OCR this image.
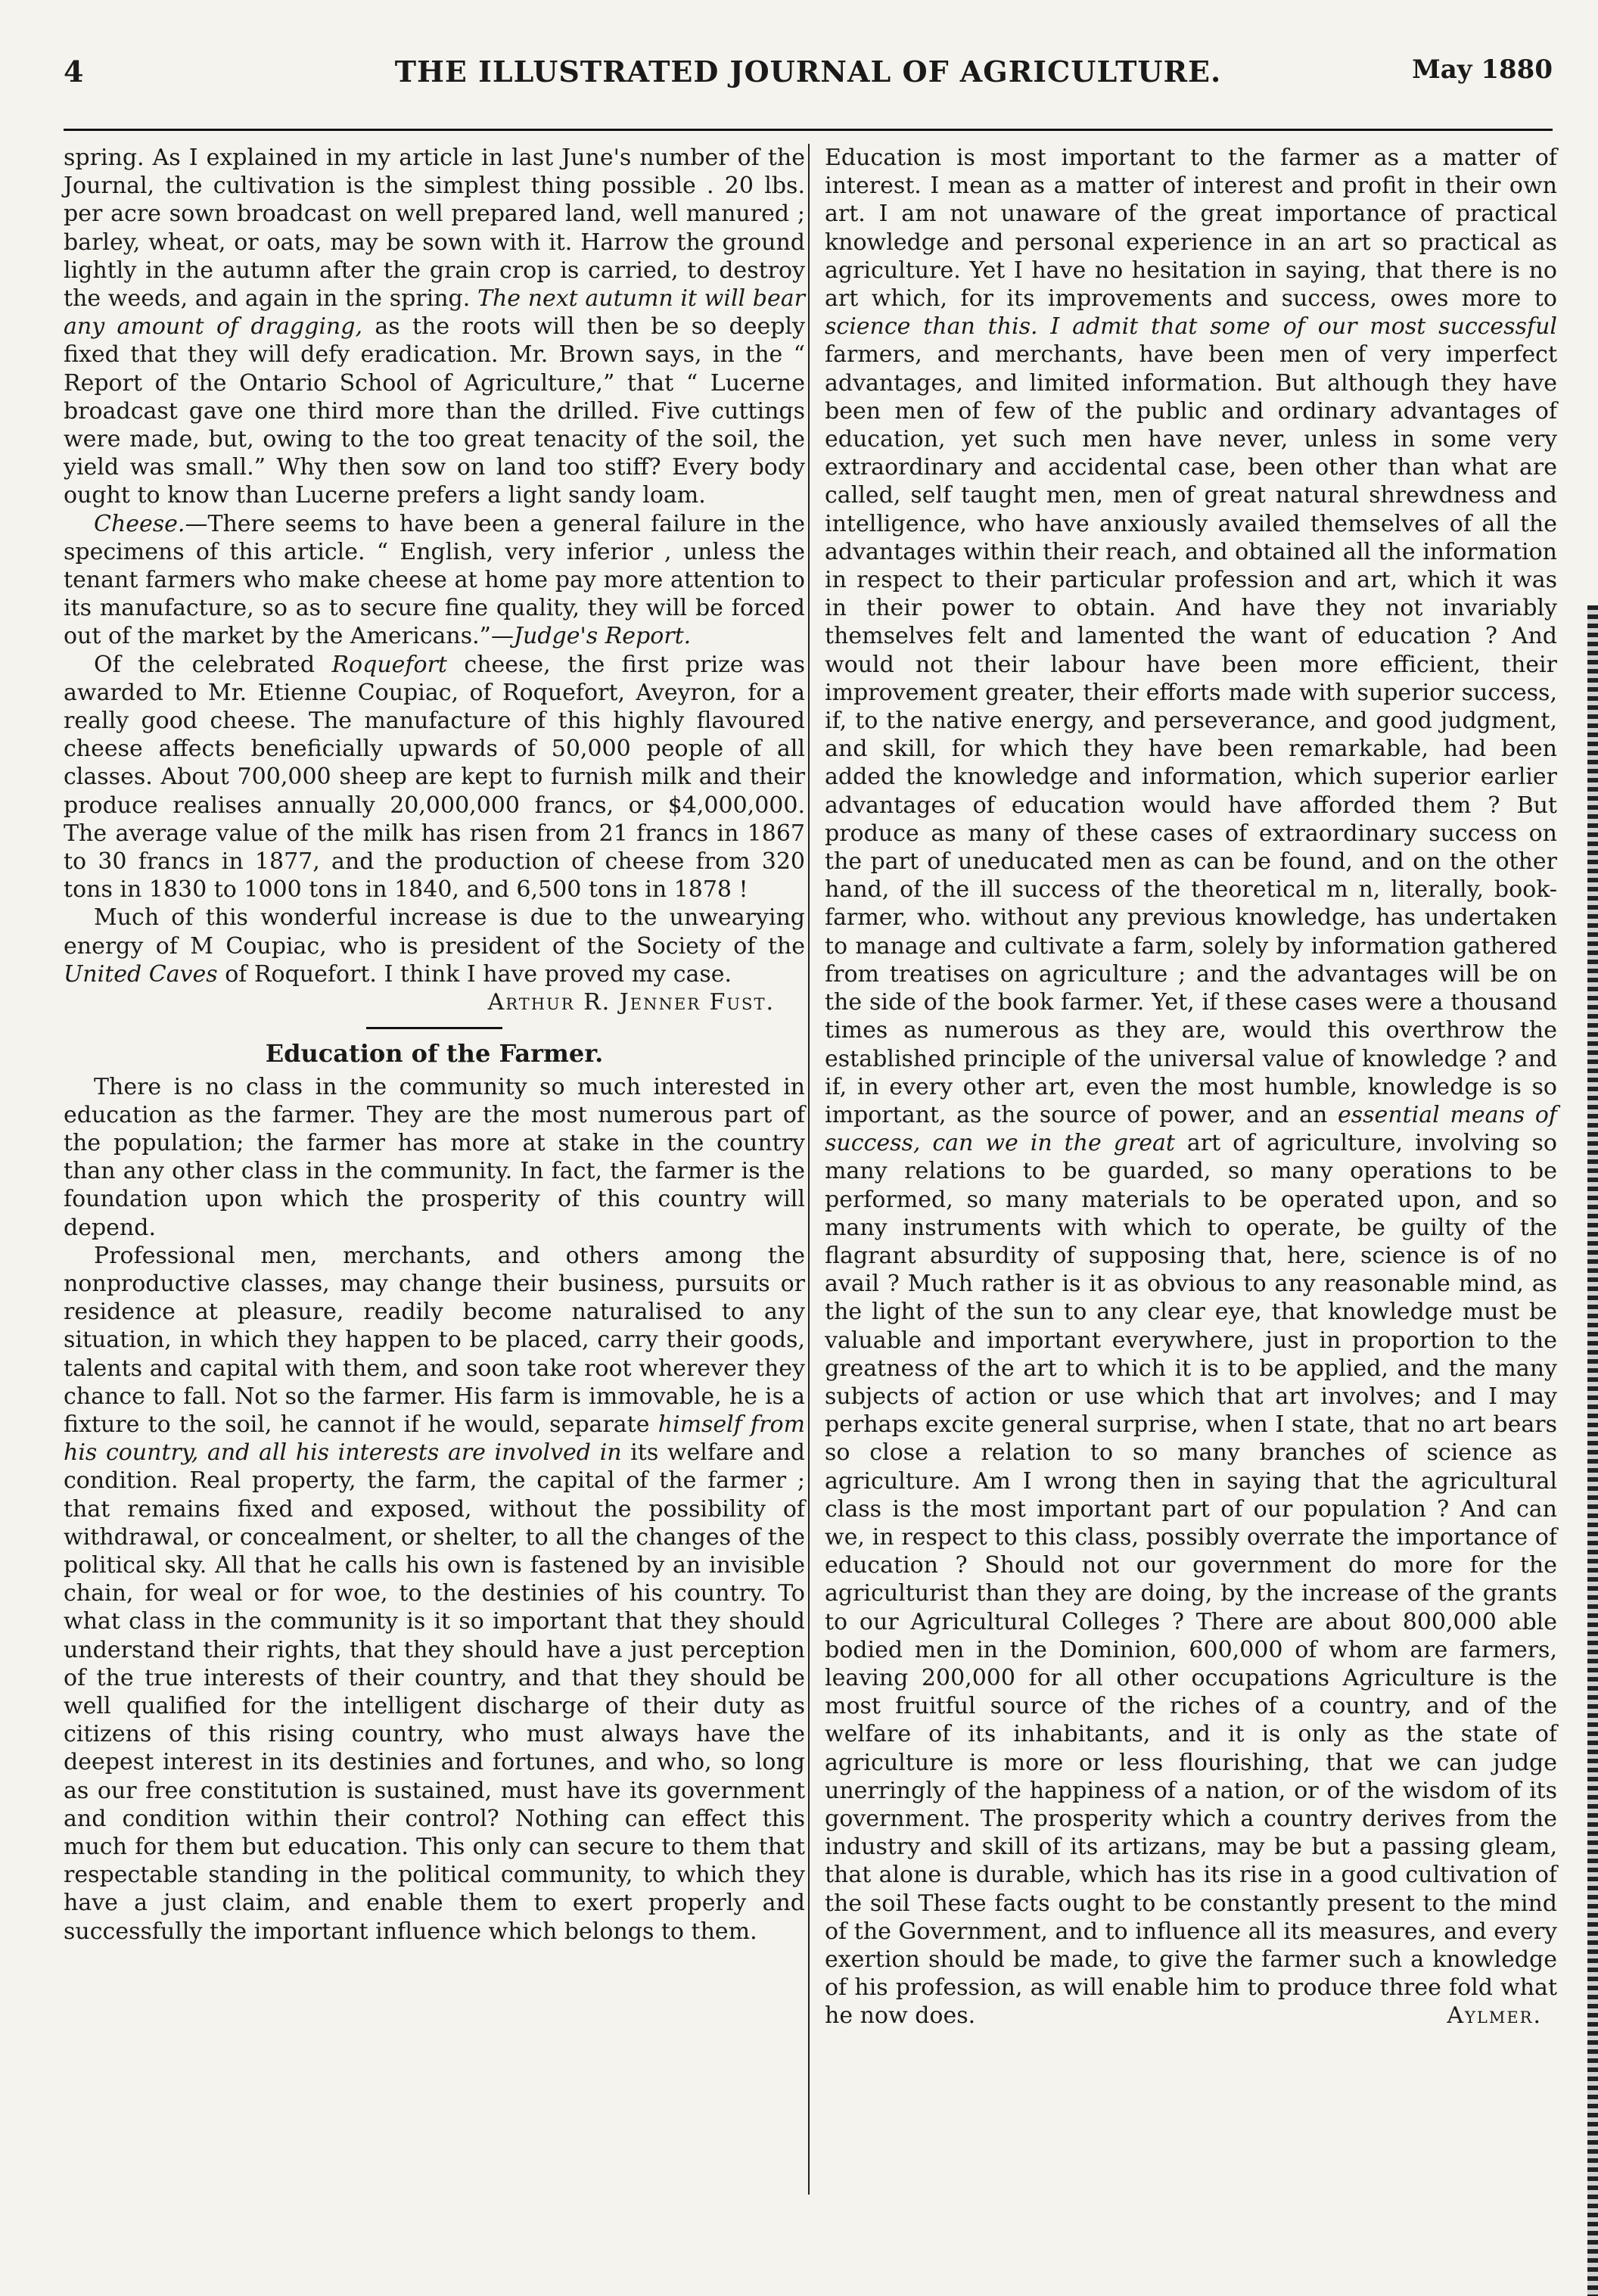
4	THE ILLUSTRATED JOURNAL OF AGRICULTURE.	May 1880

spring. As I explained in my article in last June's number of the Journal, the cultivation is the simplest thing possible . 20 lbs. per acre sown broadcast on well prepared land, well manured ; barley, wheat, or oats, may be sown with it. Harrow the ground lightly in the autumn after the grain crop is carried, to destroy the weeds, and again in the spring. The next autumn it will bear any amount of dragging, as the roots will then be so deeply fixed that they will defy eradication. Mr. Brown says, in the “ Report of the Ontario School of Agriculture,” that “ Lucerne broadcast gave one third more than the drilled. Five cuttings were made, but, owing to the too great tenacity of the soil, the yield was small.” Why then sow on land too stiff? Every body ought to know than Lucerne prefers a light sandy loam.

Cheese.—There seems to have been a general failure in the specimens of this article. “ English, very inferior , unless the tenant farmers who make cheese at home pay more attention to its manufacture, so as to secure fine quality, they will be forced out of the market by the Americans.”—Judge's Report.

Of the celebrated Roquefort cheese, the first prize was awarded to Mr. Etienne Coupiac, of Roquefort, Aveyron, for a really good cheese. The manufacture of this highly flavoured cheese affects beneficially upwards of 50,000 people of all classes. About 700,000 sheep are kept to furnish milk and their produce realises annually 20,000,000 francs, or $4,000,000. The average value of the milk has risen from 21 francs in 1867 to 30 francs in 1877, and the production of cheese from 320 tons in 1830 to 1000 tons in 1840, and 6,500 tons in 1878 !

Much of this wonderful increase is due to the unwearying energy of M Coupiac, who is president of the Society of the United Caves of Roquefort. I think I have proved my case.

Arthur R. Jenner Fust.
Education of the Farmer.

There is no class in the community so much interested in education as the farmer. They are the most numerous part of the population; the farmer has more at stake in the country than any other class in the community. In fact, the farmer is the foundation upon which the prosperity of this country will depend.

Professional men, merchants, and others among the nonproductive classes, may change their business, pursuits or residence at pleasure, readily become naturalised to any situation, in which they happen to be placed, carry their goods, talents and capital with them, and soon take root wherever they chance to fall. Not so the farmer. His farm is immovable, he is a fixture to the soil, he cannot if he would, separate himself from his country, and all his interests are involved in its welfare and condition. Real property, the farm, the capital of the farmer ; that remains fixed and exposed, without the possibility of withdrawal, or concealment, or shelter, to all the changes of the political sky. All that he calls his own is fastened by an invisible chain, for weal or for woe, to the destinies of his country. To what class in the community is it so important that they should understand their rights, that they should have a just perception of the true interests of their country, and that they should be well qualified for the intelligent discharge of their duty as citizens of this rising country, who must always have the deepest interest in its destinies and fortunes, and who, so long as our free constitution is sustained, must have its government and condition within their control? Nothing can effect this much for them but education. This only can secure to them that respectable standing in the political community, to which they have a just claim, and enable them to exert properly and successfully the important influence which belongs to them.

Education is most important to the farmer as a matter of interest. I mean as a matter of interest and profit in their own art. I am not unaware of the great importance of practical knowledge and personal experience in an art so practical as agriculture. Yet I have no hesitation in saying, that there is no art which, for its improvements and success, owes more to science than this. I admit that some of our most successful farmers, and merchants, have been men of very imperfect advantages, and limited information. But although they have been men of few of the public and ordinary advantages of education, yet such men have never, unless in some very extraordinary and accidental case, been other than what are called, self taught men, men of great natural shrewdness and intelligence, who have anxiously availed themselves of all the advantages within their reach, and obtained all the information in respect to their particular profession and art, which it was in their power to obtain. And have they not invariably themselves felt and lamented the want of education ? And would not their labour have been more efficient, their improvement greater, their efforts made with superior success, if, to the native energy, and perseverance, and good judgment, and skill, for which they have been remarkable, had been added the knowledge and information, which superior earlier advantages of education would have afforded them ? But produce as many of these cases of extraordinary success on the part of uneducated men as can be found, and on the other hand, of the ill success of the theoretical m n, literally, book-farmer, who. without any previous knowledge, has undertaken to manage and cultivate a farm, solely by information gathered from treatises on agriculture ; and the advantages will be on the side of the book farmer. Yet, if these cases were a thousand times as numerous as they are, would this overthrow the established principle of the universal value of knowledge ? and if, in every other art, even the most humble, knowledge is so important, as the source of power, and an essential means of success, can we in the great art of agriculture, involving so many relations to be guarded, so many operations to be performed, so many materials to be operated upon, and so many instruments with which to operate, be guilty of the flagrant absurdity of supposing that, here, science is of no avail ? Much rather is it as obvious to any reasonable mind, as the light of the sun to any clear eye, that knowledge must be valuable and important everywhere, just in proportion to the greatness of the art to which it is to be applied, and the many subjects of action or use which that art involves; and I may perhaps excite general surprise, when I state, that no art bears so close a relation to so many branches of science as agriculture. Am I wrong then in saying that the agricultural class is the most important part of our population ? And can we, in respect to this class, possibly overrate the importance of education ? Should not our government do more for the agriculturist than they are doing, by the increase of the grants to our Agricultural Colleges ? There are about 800,000 able bodied men in the Dominion, 600,000 of whom are farmers, leaving 200,000 for all other occupations Agriculture is the most fruitful source of the riches of a country, and of the welfare of its inhabitants, and it is only as the state of agriculture is more or less flourishing, that we can judge unerringly of the happiness of a nation, or of the wisdom of its government. The prosperity which a country derives from the industry and skill of its artizans, may be but a passing gleam, that alone is durable, which has its rise in a good cultivation of the soil These facts ought to be constantly present to the mind of the Government, and to influence all its measures, and every exertion should be made, to give the farmer such a knowledge of his profession, as will enable him to produce three fold what he now does.	Aylmer.
